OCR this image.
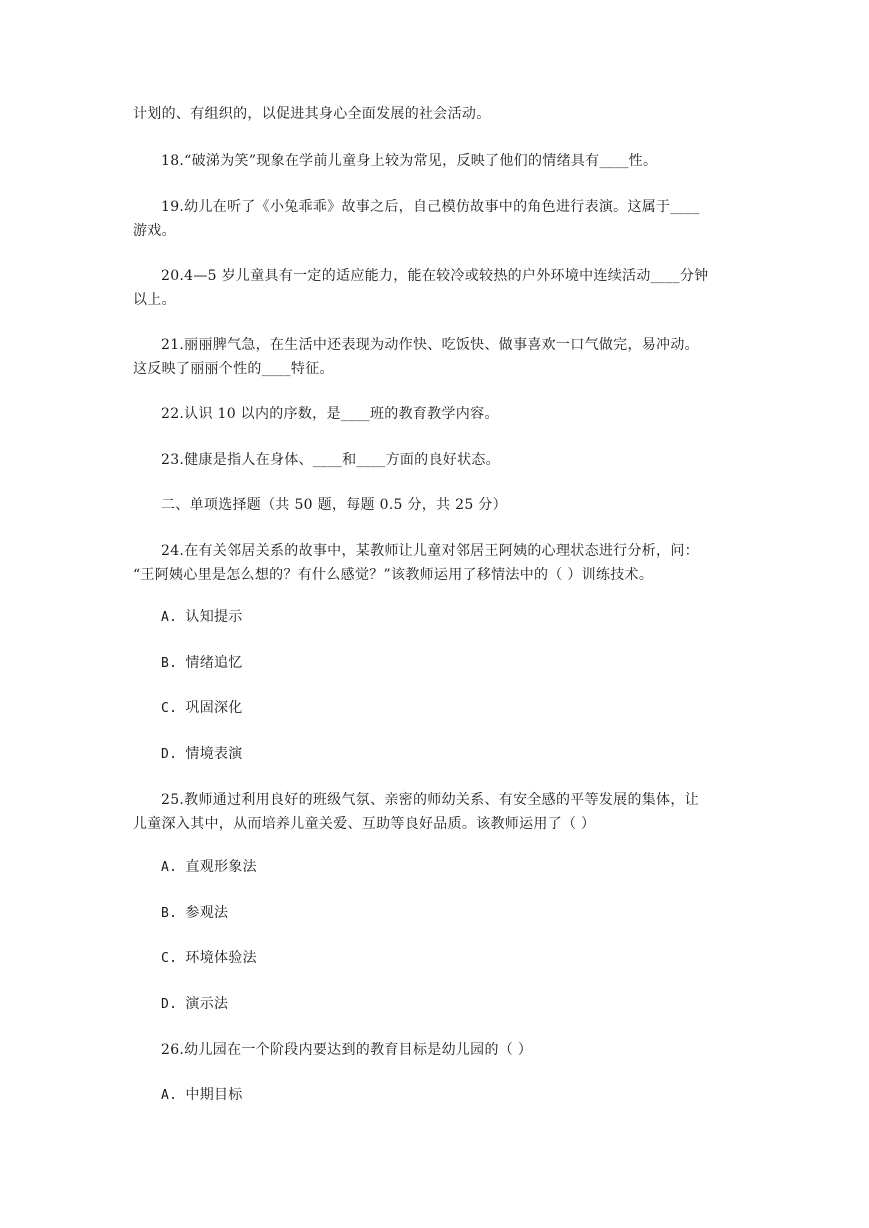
计划的、有组织的，以促进其身心全面发展的社会活动。
18.“破涕为笑”现象在学前儿童身上较为常见，反映了他们的情绪具有____性。
19.幼儿在听了《小兔乖乖》故事之后，自己模仿故事中的角色进行表演。这属于____
游戏。
20.4—5 岁儿童具有一定的适应能力，能在较冷或较热的户外环境中连续活动____分钟
以上。
21.丽丽脾气急，在生活中还表现为动作快、吃饭快、做事喜欢一口气做完，易冲动。
这反映了丽丽个性的____特征。
22.认识 10 以内的序数，是____班的教育教学内容。
23.健康是指人在身体、____和____方面的良好状态。
二、单项选择题（共 50 题，每题 0.5 分，共 25 分）
24.在有关邻居关系的故事中，某教师让儿童对邻居王阿姨的心理状态进行分析，问：
“王阿姨心里是怎么想的？有什么感觉？”该教师运用了移情法中的（ ）训练技术。
A. 认知提示
B. 情绪追忆
C. 巩固深化
D. 情境表演
25.教师通过利用良好的班级气氛、亲密的师幼关系、有安全感的平等发展的集体，让
儿童深入其中，从而培养儿童关爱、互助等良好品质。该教师运用了（ ）
A. 直观形象法
B. 参观法
C. 环境体验法
D. 演示法
26.幼儿园在一个阶段内要达到的教育目标是幼儿园的（ ）
A. 中期目标
